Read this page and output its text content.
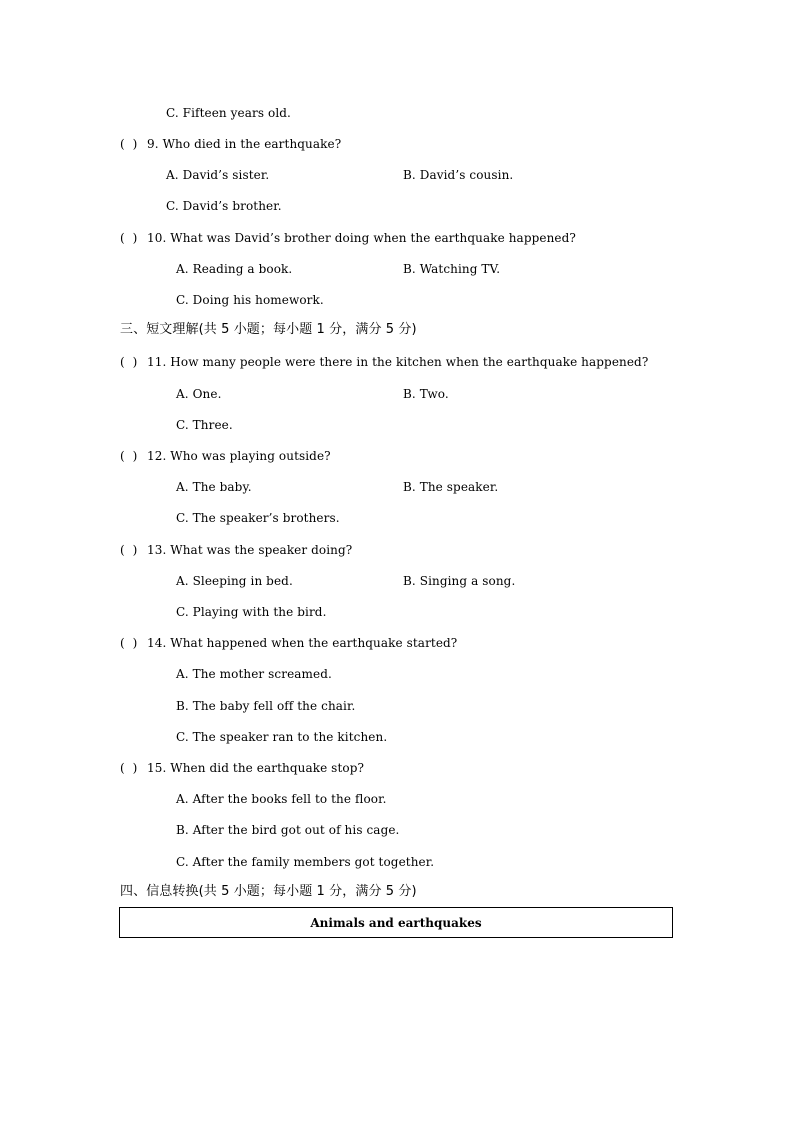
C. Fifteen years old.
(  ) 9. Who died in the earthquake?
A. David’s sister.	B. David’s cousin.
C. David’s brother.
(  ) 10. What was David’s brother doing when the earthquake happened?
A. Reading a book.	B. Watching TV.
C. Doing his homework.
三、短文理解(共 5 小题；每小题 1 分，满分 5 分)
(  ) 11. How many people were there in the kitchen when the earthquake happened?
A. One.	B. Two.
C. Three.
(  ) 12. Who was playing outside?
A. The baby.	B. The speaker.
C. The speaker’s brothers.
(  ) 13. What was the speaker doing?
A. Sleeping in bed.	B. Singing a song.
C. Playing with the bird.
(  ) 14. What happened when the earthquake started?
A. The mother screamed.
B. The baby fell off the chair.
C. The speaker ran to the kitchen.
(  ) 15. When did the earthquake stop?
A. After the books fell to the floor.
B. After the bird got out of his cage.
C. After the family members got together.
四、信息转换(共 5 小题；每小题 1 分，满分 5 分)
Animals and earthquakes
